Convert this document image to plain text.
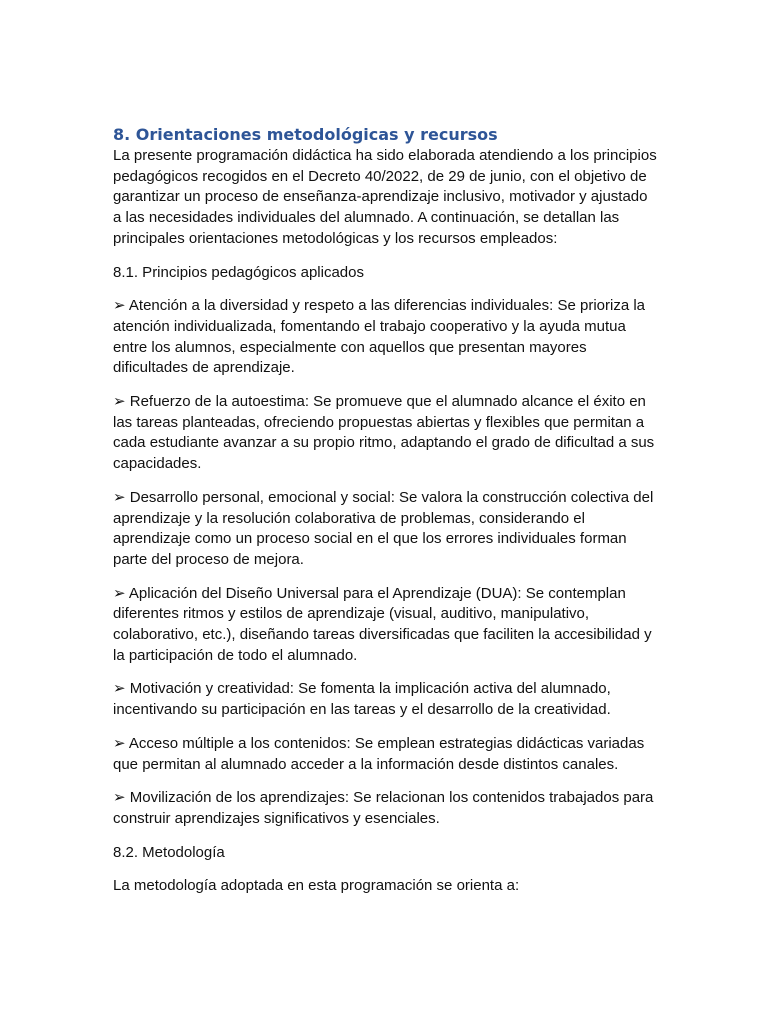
8. Orientaciones metodológicas y recursos

La presente programación didáctica ha sido elaborada atendiendo a los principios pedagógicos recogidos en el Decreto 40/2022, de 29 de junio, con el objetivo de garantizar un proceso de enseñanza-aprendizaje inclusivo, motivador y ajustado a las necesidades individuales del alumnado. A continuación, se detallan las principales orientaciones metodológicas y los recursos empleados:

8.1. Principios pedagógicos aplicados

➢ Atención a la diversidad y respeto a las diferencias individuales: Se prioriza la atención individualizada, fomentando el trabajo cooperativo y la ayuda mutua entre los alumnos, especialmente con aquellos que presentan mayores dificultades de aprendizaje.

➢ Refuerzo de la autoestima: Se promueve que el alumnado alcance el éxito en las tareas planteadas, ofreciendo propuestas abiertas y flexibles que permitan a cada estudiante avanzar a su propio ritmo, adaptando el grado de dificultad a sus capacidades.

➢ Desarrollo personal, emocional y social: Se valora la construcción colectiva del aprendizaje y la resolución colaborativa de problemas, considerando el aprendizaje como un proceso social en el que los errores individuales forman parte del proceso de mejora.

➢ Aplicación del Diseño Universal para el Aprendizaje (DUA): Se contemplan diferentes ritmos y estilos de aprendizaje (visual, auditivo, manipulativo, colaborativo, etc.), diseñando tareas diversificadas que faciliten la accesibilidad y la participación de todo el alumnado.

➢ Motivación y creatividad: Se fomenta la implicación activa del alumnado, incentivando su participación en las tareas y el desarrollo de la creatividad.

➢ Acceso múltiple a los contenidos: Se emplean estrategias didácticas variadas que permitan al alumnado acceder a la información desde distintos canales.

➢ Movilización de los aprendizajes: Se relacionan los contenidos trabajados para construir aprendizajes significativos y esenciales.

8.2. Metodología

La metodología adoptada en esta programación se orienta a:
